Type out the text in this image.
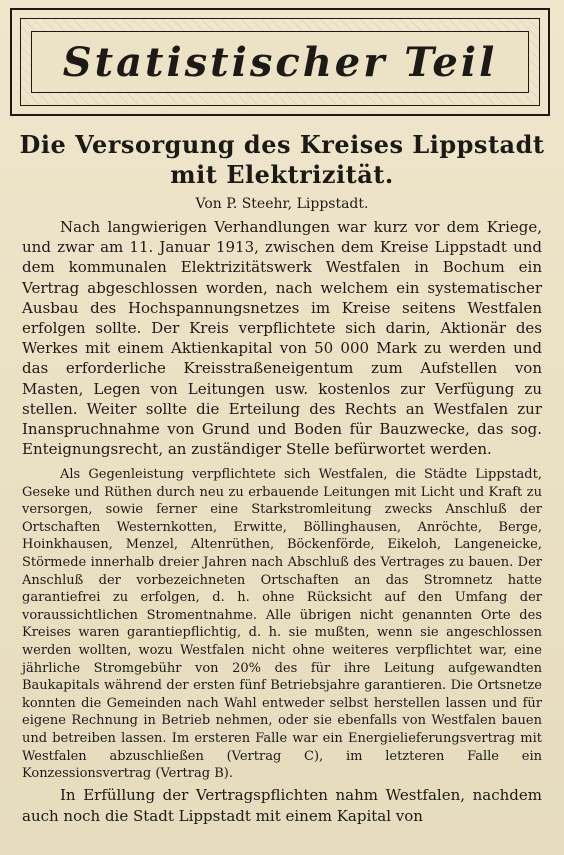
Statistischer Teil
Die Versorgung des Kreises Lippstadt
mit Elektrizität.
Von P. Steehr, Lippstadt.

Nach langwierigen Verhandlungen war kurz vor dem Kriege, und zwar am 11. Januar 1913, zwischen dem Kreise Lippstadt und dem kommunalen Elektrizitätswerk Westfalen in Bochum ein Vertrag abgeschlossen worden, nach welchem ein systematischer Ausbau des Hochspannungsnetzes im Kreise seitens Westfalen erfolgen sollte. Der Kreis verpflichtete sich darin, Aktionär des Werkes mit einem Aktienkapital von 50 000 Mark zu werden und das erforderliche Kreisstraßeneigentum zum Aufstellen von Masten, Legen von Leitungen usw. kostenlos zur Verfügung zu stellen. Weiter sollte die Erteilung des Rechts an Westfalen zur Inanspruchnahme von Grund und Boden für Bauzwecke, das sog. Enteignungsrecht, an zuständiger Stelle befürwortet werden.

Als Gegenleistung verpflichtete sich Westfalen, die Städte Lippstadt, Geseke und Rüthen durch neu zu erbauende Leitungen mit Licht und Kraft zu versorgen, sowie ferner eine Starkstromleitung zwecks Anschluß der Ortschaften Westernkotten, Erwitte, Böllinghausen, Anröchte, Berge, Hoinkhausen, Menzel, Altenrüthen, Böckenförde, Eikeloh, Langeneicke, Störmede innerhalb dreier Jahren nach Abschluß des Vertrages zu bauen. Der Anschluß der vorbezeichneten Ortschaften an das Stromnetz hatte garantiefrei zu erfolgen, d. h. ohne Rücksicht auf den Umfang der voraussichtlichen Stromentnahme. Alle übrigen nicht genannten Orte des Kreises waren garantiepflichtig, d. h. sie mußten, wenn sie angeschlossen werden wollten, wozu Westfalen nicht ohne weiteres verpflichtet war, eine jährliche Stromgebühr von 20% des für ihre Leitung aufgewandten Baukapitals während der ersten fünf Betriebsjahre garantieren. Die Ortsnetze konnten die Gemeinden nach Wahl entweder selbst herstellen lassen und für eigene Rechnung in Betrieb nehmen, oder sie ebenfalls von Westfalen bauen und betreiben lassen. Im ersteren Falle war ein Energielieferungsvertrag mit Westfalen abzuschließen (Vertrag C), im letzteren Falle ein Konzessionsvertrag (Vertrag B).

In Erfüllung der Vertragspflichten nahm Westfalen, nachdem auch noch die Stadt Lippstadt mit einem Kapital von
